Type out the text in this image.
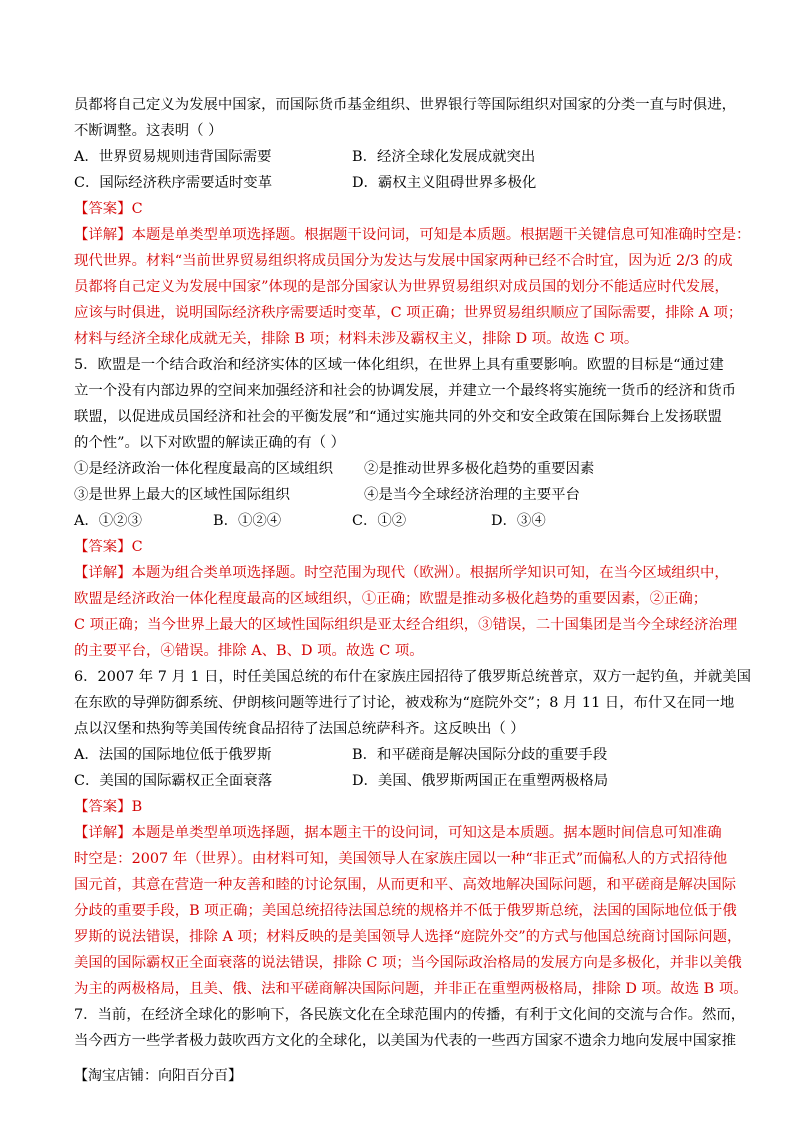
员都将自己定义为发展中国家，而国际货币基金组织、世界银行等国际组织对国家的分类一直与时俱进，
不断调整。这表明（ ）
A．世界贸易规则违背国际需要	B．经济全球化发展成就突出
C．国际经济秩序需要适时变革	D．霸权主义阻碍世界多极化
【答案】C
【详解】本题是单类型单项选择题。根据题干设问词，可知是本质题。根据题干关键信息可知准确时空是：
现代世界。材料“当前世界贸易组织将成员国分为发达与发展中国家两种已经不合时宜，因为近 2/3 的成
员都将自己定义为发展中国家”体现的是部分国家认为世界贸易组织对成员国的划分不能适应时代发展，
应该与时俱进，说明国际经济秩序需要适时变革，C 项正确；世界贸易组织顺应了国际需要，排除 A 项；
材料与经济全球化成就无关，排除 B 项；材料未涉及霸权主义，排除 D 项。故选 C 项。
5．欧盟是一个结合政治和经济实体的区域一体化组织，在世界上具有重要影响。欧盟的目标是“通过建
立一个没有内部边界的空间来加强经济和社会的协调发展，并建立一个最终将实施统一货币的经济和货币
联盟，以促进成员国经济和社会的平衡发展”和“通过实施共同的外交和安全政策在国际舞台上发扬联盟
的个性”。以下对欧盟的解读正确的有（ ）
①是经济政治一体化程度最高的区域组织	②是推动世界多极化趋势的重要因素
③是世界上最大的区域性国际组织	④是当今全球经济治理的主要平台
A．①②③	B．①②④	C．①②	D．③④
【答案】C
【详解】本题为组合类单项选择题。时空范围为现代（欧洲）。根据所学知识可知，在当今区域组织中，
欧盟是经济政治一体化程度最高的区域组织，①正确；欧盟是推动多极化趋势的重要因素，②正确；
C 项正确；当今世界上最大的区域性国际组织是亚太经合组织，③错误，二十国集团是当今全球经济治理
的主要平台，④错误。排除 A、B、D 项。故选 C 项。
6．2007 年 7 月 1 日，时任美国总统的布什在家族庄园招待了俄罗斯总统普京，双方一起钓鱼，并就美国
在东欧的导弹防御系统、伊朗核问题等进行了讨论，被戏称为“庭院外交”；8 月 11 日，布什又在同一地
点以汉堡和热狗等美国传统食品招待了法国总统萨科齐。这反映出（ ）
A．法国的国际地位低于俄罗斯	B．和平磋商是解决国际分歧的重要手段
C．美国的国际霸权正全面衰落	D．美国、俄罗斯两国正在重塑两极格局
【答案】B
【详解】本题是单类型单项选择题，据本题主干的设问词，可知这是本质题。据本题时间信息可知准确
时空是：2007 年（世界）。由材料可知，美国领导人在家族庄园以一种“非正式”而偏私人的方式招待他
国元首，其意在营造一种友善和睦的讨论氛围，从而更和平、高效地解决国际问题，和平磋商是解决国际
分歧的重要手段，B 项正确；美国总统招待法国总统的规格并不低于俄罗斯总统，法国的国际地位低于俄
罗斯的说法错误，排除 A 项；材料反映的是美国领导人选择“庭院外交”的方式与他国总统商讨国际问题，
美国的国际霸权正全面衰落的说法错误，排除 C 项；当今国际政治格局的发展方向是多极化，并非以美俄
为主的两极格局，且美、俄、法和平磋商解决国际问题，并非正在重塑两极格局，排除 D 项。故选 B 项。
7．当前，在经济全球化的影响下，各民族文化在全球范围内的传播，有利于文化间的交流与合作。然而，
当今西方一些学者极力鼓吹西方文化的全球化，以美国为代表的一些西方国家不遗余力地向发展中国家推
【淘宝店铺：向阳百分百】
